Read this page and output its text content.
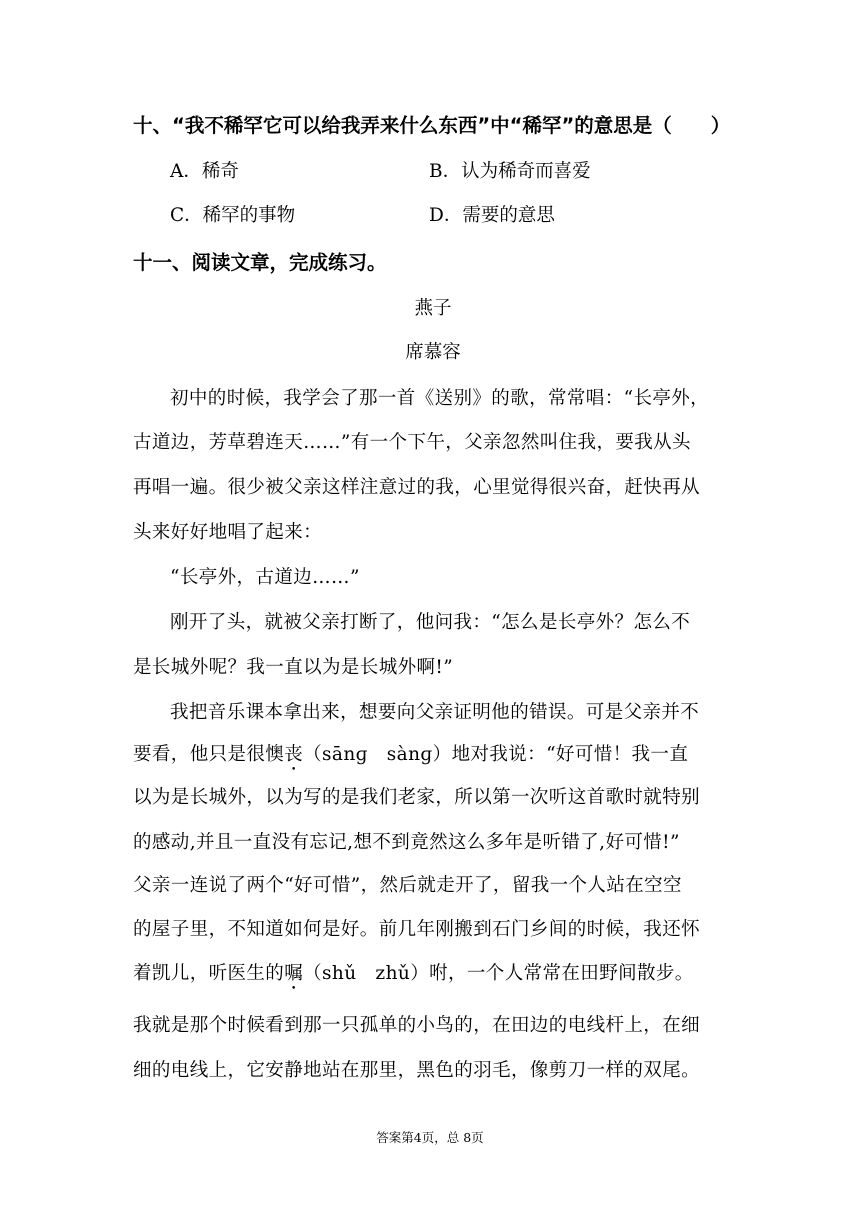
十、“我不稀罕它可以给我弄来什么东西”中“稀罕”的意思是（　　）
A．稀奇	B．认为稀奇而喜爱
C．稀罕的事物	D．需要的意思
十一、阅读文章，完成练习。
燕子
席慕容
初中的时候，我学会了那一首《送别》的歌，常常唱：“长亭外，
古道边，芳草碧连天……”有一个下午，父亲忽然叫住我，要我从头
再唱一遍。很少被父亲这样注意过的我，心里觉得很兴奋，赶快再从
头来好好地唱了起来：
“长亭外，古道边……”
刚开了头，就被父亲打断了，他问我：“怎么是长亭外？怎么不
是长城外呢？我一直以为是长城外啊!”
我把音乐课本拿出来，想要向父亲证明他的错误。可是父亲并不
要看，他只是很懊丧（sānɡ　sànɡ）地对我说：“好可惜！我一直
以为是长城外，以为写的是我们老家，所以第一次听这首歌时就特别
的感动,并且一直没有忘记,想不到竟然这么多年是听错了,好可惜!”
父亲一连说了两个“好可惜”，然后就走开了，留我一个人站在空空
的屋子里，不知道如何是好。前几年刚搬到石门乡间的时候，我还怀
着凯儿，听医生的嘱（shǔ　zhǔ）咐，一个人常常在田野间散步。
我就是那个时候看到那一只孤单的小鸟的，在田边的电线杆上，在细
细的电线上，它安静地站在那里，黑色的羽毛，像剪刀一样的双尾。
答案第4页，总 8页
